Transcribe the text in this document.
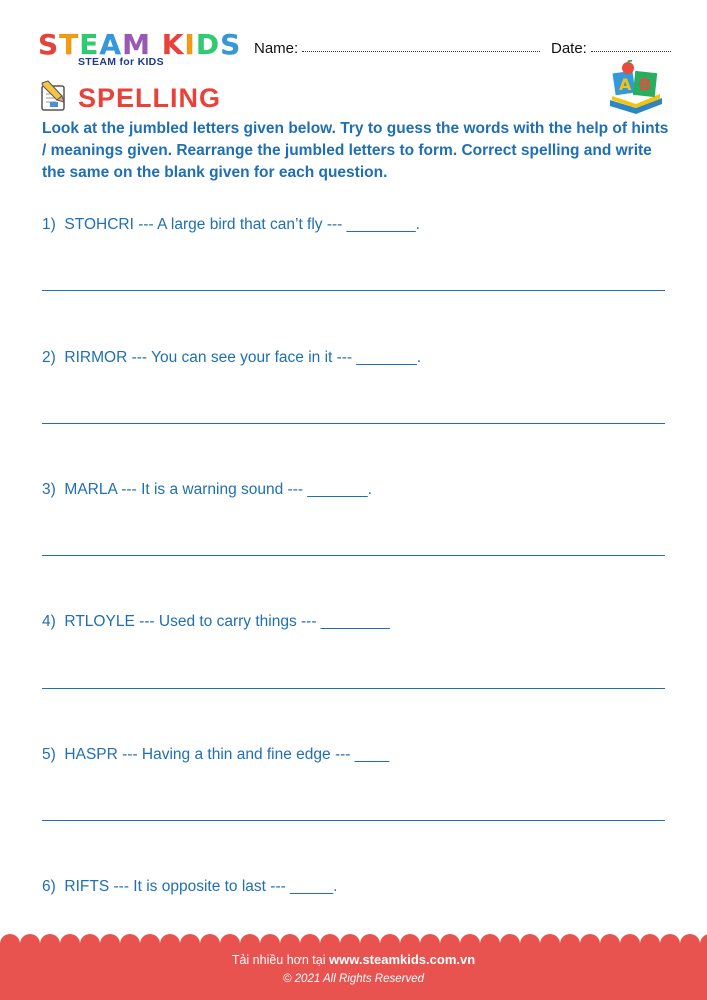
STEAM KIDS
STEAM for KIDS
Name:	Date:
SPELLING	A B
Look at the jumbled letters given below. Try to guess the words with the help of hints / meanings given. Rearrange the jumbled letters to form. Correct spelling and write the same on the blank given for each question.
1) STOHCRI --- A large bird that can’t fly --- ________.
2) RIRMOR --- You can see your face in it --- _______.
3) MARLA --- It is a warning sound --- _______.
4) RTLOYLE --- Used to carry things --- ________
5) HASPR --- Having a thin and fine edge --- ____
6) RIFTS --- It is opposite to last --- _____.
Tải nhiều hơn tại www.steamkids.com.vn
© 2021 All Rights Reserved
